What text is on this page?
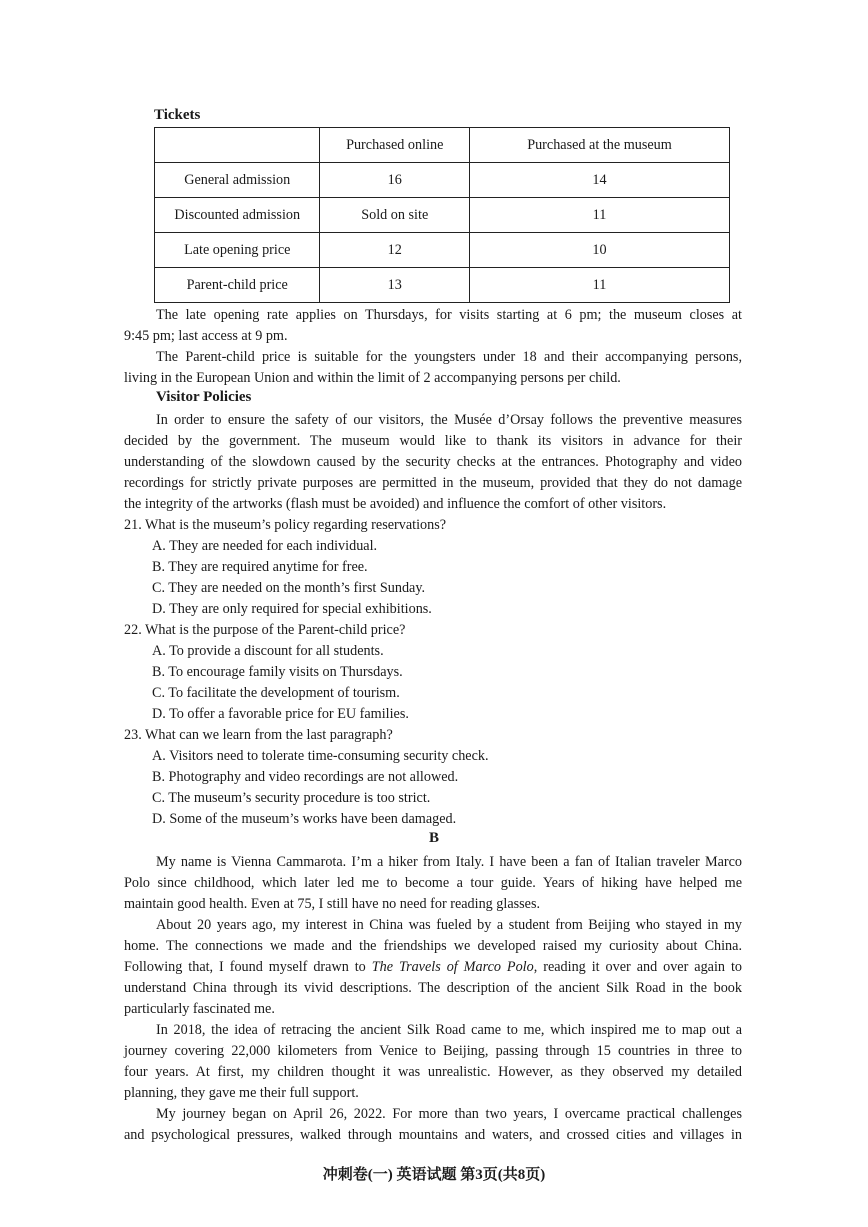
Tickets
	Purchased online	Purchased at the museum
General admission	16	14
Discounted admission	Sold on site	11
Late opening price	12	10
Parent-child price	13	11
The late opening rate applies on Thursdays, for visits starting at 6 pm; the museum closes at
9:45 pm; last access at 9 pm.
The Parent-child price is suitable for the youngsters under 18 and their accompanying persons,
living in the European Union and within the limit of 2 accompanying persons per child.
Visitor Policies
In order to ensure the safety of our visitors, the Musée d’Orsay follows the preventive measures
decided by the government. The museum would like to thank its visitors in advance for their
understanding of the slowdown caused by the security checks at the entrances. Photography and video
recordings for strictly private purposes are permitted in the museum, provided that they do not damage
the integrity of the artworks (flash must be avoided) and influence the comfort of other visitors.
21. What is the museum’s policy regarding reservations?
A. They are needed for each individual.
B. They are required anytime for free.
C. They are needed on the month’s first Sunday.
D. They are only required for special exhibitions.
22. What is the purpose of the Parent-child price?
A. To provide a discount for all students.
B. To encourage family visits on Thursdays.
C. To facilitate the development of tourism.
D. To offer a favorable price for EU families.
23. What can we learn from the last paragraph?
A. Visitors need to tolerate time-consuming security check.
B. Photography and video recordings are not allowed.
C. The museum’s security procedure is too strict.
D. Some of the museum’s works have been damaged.
B
My name is Vienna Cammarota. I’m a hiker from Italy. I have been a fan of Italian traveler Marco
Polo since childhood, which later led me to become a tour guide. Years of hiking have helped me
maintain good health. Even at 75, I still have no need for reading glasses.
About 20 years ago, my interest in China was fueled by a student from Beijing who stayed in my
home. The connections we made and the friendships we developed raised my curiosity about China.
Following that, I found myself drawn to The Travels of Marco Polo, reading it over and over again to
understand China through its vivid descriptions. The description of the ancient Silk Road in the book
particularly fascinated me.
In 2018, the idea of retracing the ancient Silk Road came to me, which inspired me to map out a
journey covering 22,000 kilometers from Venice to Beijing, passing through 15 countries in three to
four years. At first, my children thought it was unrealistic. However, as they observed my detailed
planning, they gave me their full support.
My journey began on April 26, 2022. For more than two years, I overcame practical challenges
and psychological pressures, walked through mountains and waters, and crossed cities and villages in
冲刺卷(一) 英语试题 第3页(共8页)
